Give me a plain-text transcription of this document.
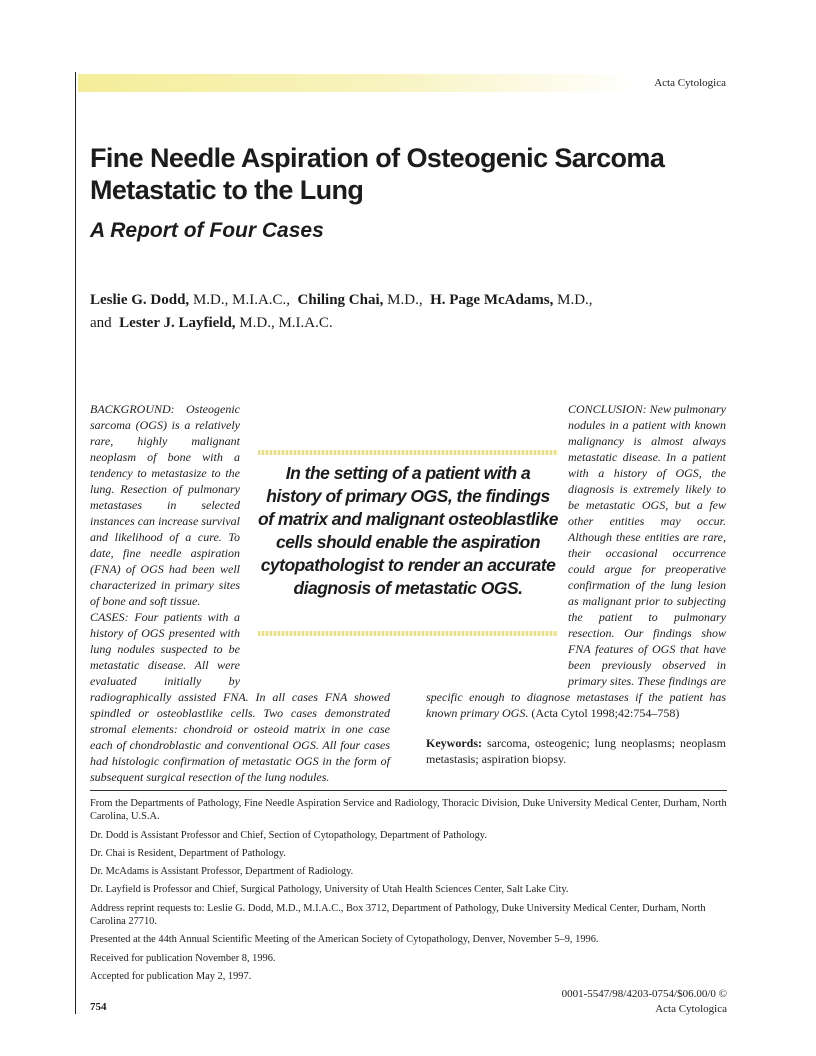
Acta Cytologica
Fine Needle Aspiration of Osteogenic Sarcoma Metastatic to the Lung
A Report of Four Cases
Leslie G. Dodd, M.D., M.I.A.C., Chiling Chai, M.D., H. Page McAdams, M.D.,
and Lester J. Layfield, M.D., M.I.A.C.
BACKGROUND: Osteogenic sarcoma (OGS) is a relatively rare, highly malignant neoplasm of bone with a tendency to metastasize to the lung. Resection of pulmonary metastases in selected instances can increase survival and likelihood of a cure. To date, fine needle aspiration (FNA) of OGS had been well characterized in primary sites of bone and soft tissue.
CASES: Four patients with a history of OGS presented with lung nodules suspected to be metastatic disease. All were evaluated initially by radiographically assisted FNA. In all cases FNA showed spindled or osteoblastlike cells. Two cases demonstrated stromal elements: chondroid or osteoid matrix in one case each of chondroblastic and conventional OGS. All four cases had histologic confirmation of metastatic OGS in the form of subsequent surgical resection of the lung nodules.
CONCLUSION: New pulmonary nodules in a patient with known malignancy is almost always metastatic disease. In a patient with a history of OGS, the diagnosis is extremely likely to be metastatic OGS, but a few other entities may occur. Although these entities are rare, their occasional occurrence could argue for preoperative confirmation of the lung lesion as malignant prior to subjecting the patient to pulmonary resection. Our findings show FNA features of OGS that have been previously observed in primary sites. These findings are specific enough to diagnose metastases if the patient has known primary OGS. (Acta Cytol 1998;42:754–758)
Keywords: sarcoma, osteogenic; lung neoplasms; neoplasm metastasis; aspiration biopsy.
In the setting of a patient with a history of primary OGS, the findings of matrix and malignant osteoblastlike cells should enable the aspiration cytopathologist to render an accurate diagnosis of metastatic OGS.

From the Departments of Pathology, Fine Needle Aspiration Service and Radiology, Thoracic Division, Duke University Medical Center, Durham, North Carolina, U.S.A.

Dr. Dodd is Assistant Professor and Chief, Section of Cytopathology, Department of Pathology.

Dr. Chai is Resident, Department of Pathology.

Dr. McAdams is Assistant Professor, Department of Radiology.

Dr. Layfield is Professor and Chief, Surgical Pathology, University of Utah Health Sciences Center, Salt Lake City.

Address reprint requests to: Leslie G. Dodd, M.D., M.I.A.C., Box 3712, Department of Pathology, Duke University Medical Center, Durham, North Carolina 27710.

Presented at the 44th Annual Scientific Meeting of the American Society of Cytopathology, Denver, November 5–9, 1996.

Received for publication November 8, 1996.

Accepted for publication May 2, 1997.

0001-5547/98/4203-0754/$06.00/0 ©
Acta Cytologica
754
